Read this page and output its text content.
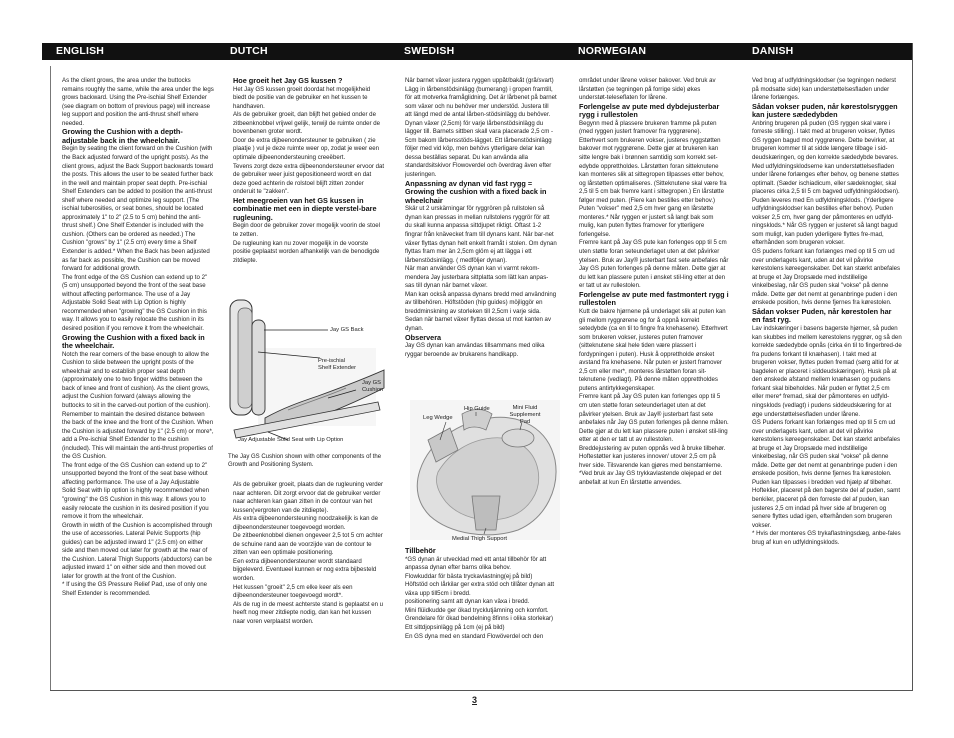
ENGLISH	DUTCH	SWEDISH	NORWEGIAN	DANISH

As the client grows, the area under the buttocks remains roughly the same, while the area under the legs grows backward. Using the Pre-ischial Shelf Extender (see diagram on bottom of previous page) will increase leg support and position the anti-thrust shelf where needed.

Growing the Cushion with a depth-adjustable back in the wheelchair.

Begin by seating the client forward on the Cushion (with the Back adjusted forward of the upright posts). As the client grows, adjust the Back Support backwards toward the posts. This allows the user to be seated further back in the well and maintain proper seat depth. Pre-ischial Shelf Extenders can be added to position the anti-thrust shelf where needed and optimize leg support. (The ischial tuberosities, or seat bones, should be located approximately 1" to 2" (2.5 to 5 cm) behind the anti-thrust shelf.) One Shelf Extender is included with the cushion. (Others can be ordered as needed.) The Cushion "grows" by 1" (2.5 cm) every time a Shelf Extender is added.* When the Back has been adjusted as far back as possible, the Cushion can be moved forward for additional growth.

The front edge of the GS Cushion can extend up to 2" (5 cm) unsupported beyond the front of the seat base without affecting performance. The use of a Jay Adjustable Solid Seat with Lip Option is highly recommended when "growing" the GS Cushion in this way. It allows you to easily relocate the cushion in its desired position if you remove it from the wheelchair.

Growing the Cushion with a fixed back in the wheelchair.

Notch the rear corners of the base enough to allow the Cushion to slide between the upright posts of the wheelchair and to establish proper seat depth (approximately one to two finger widths between the back of knee and front of cushion). As the client grows, adjust the Cushion forward (always allowing the buttocks to sit in the carved-out portion of the cushion). Remember to maintain the desired distance between the back of the knee and the front of the Cushion. When the Cushion is adjusted forward by 1" (2.5 cm) or more*, add a Pre-ischial Shelf Extender to the cushion (included). This will maintain the anti-thrust properties of the GS Cushion.

The front edge of the GS Cushion can extend up to 2" unsupported beyond the front of the seat base without affecting performance. The use of a Jay Adjustable Solid Seat with lip option is highly recommended when "growing" the GS Cushion in this way. It allows you to easily relocate the cushion in its desired position if you remove it from the wheelchair.

Growth in width of the Cushion is accomplished through the use of accessories. Lateral Pelvic Supports (hip guides) can be adjusted inward 1" (2.5 cm) on either side and then moved out later for growth at the rear of the Cushion. Lateral Thigh Supports (abductors) can be adjusted inward 1" on either side and then moved out later for growth at the front of the Cushion.

* If using the GS Pressure Relief Pad, use of only one Shelf Extender is recommended.

Hoe groeit het Jay GS kussen ?

Het Jay GS kussen groeit doordat het mogelijkheid biedt de positie van de gebruiker en het kussen te handhaven.

Als de gebruiker groeit, dan blijft het gebied onder de zitbeenknobbel vrijwel gelijk, terwijl de ruimte onder de bovenbenen groter wordt.

Door de extra dijbeenondersteuner te gebruiken ( zie plaatje ) vul je deze ruimte weer op, zodat je weer een optimale dijbeenondersteuning creeëbert.

Tevens zorgt deze extra dijbeenondersteuner ervoor dat de gebruiker weer juist gepositioneerd wordt en dat deze goed achterin de rolstoel blijft zitten zonder onderuit te "zakken".

Het meegroeien van het GS kussen in combinatie met een in diepte verstel-bare rugleuning.

Begin door de gebruiker zover mogelijk voorin de stoel te zetten.

De rugleuning kan nu zover mogelijk in de voorste positie geplaatst worden afhankelijk van de benodigde zitdiepte.

Jay GS Back
Pre-ischial Shelf Extender
Jay GS Cushion
Jay Adjustable Solid Seat with Lip Option
The Jay GS Cushion shown with other components of the Growth and Positioning System.

Als de gebruiker groeit, plaats dan de rugleuning verder naar achteren. Dit zorgt ervoor dat de gebruiker verder naar achteren kan gaan zitten in de contour van het kussen(vergroten van de zitdiepte).

Als extra dijbeenondersteuning noodzakelijk is kan de dijbeenondersteuner toegevoegd worden.

De zitbeenknobbel dienen ongeveer 2,5 tot 5 cm achter de schuine rand aan de voorzijde van de contour te zitten van een optimale positionering.

Een extra dijbeenondersteuner wordt standaard bijgeleverd. Eventueel kunnen er nog extra bijbesteld worden.

Het kussen "groeit" 2,5 cm elke keer als een dijbeenondersteuner toegevoegd wordt*.

Als de rug in de meest achterste stand is geplaatst en u heeft nog meer zitdiepte nodig, dan kan het kussen naar voren verplaatst worden.

När barnet växer justera ryggen uppåt/bakåt (grå/svart) Lägg in lårbenstödsinlägg (bumerang) i gropen framtill, för att motverka framåglidning. Det är lårbenet på barnet som växer och nu behöver mer understöd. Justera till att längd med de antal lårben-stödsinlägg du behöver. Dynan växer (2,5cm) för varje lårbenstödsinlägg du lägger till. Barnets sittben skall vara placerade 2,5 cm - 5cm bakom lårbensstöds-lägget. Ett lårbenstödsinlägg följer med vid köp, men behövs ytterligare delar kan dessa beställas separat. Du kan använda alla standardsitskivor Flowoverdel och överdrag även efter justeringen.

Anpassning av dynan vid fast rygg = Growing the cushion with a fixed back in wheelchair

Skär ut 2 urskärningar för ryggrören på rullstolen så dynan kan pressas in mellan rullstolens ryggrör för att du skall kunna anpassa sittdjupet riktigt. Oftast 1-2 fingrar från knävecket fram till dynans kant. När bar-net växer flyttas dynan helt enkelt framåt i stolen. Om dynan flyttas fram mer än 2,5cm glöm ej att lägga i ett lårbenstödsinlägg. ( medföljer dynan).

När man använder GS dynan kan vi varmt rekom-mendera Jay justerbara sittplatta som lätt kan anpas-sas till dynan när barnet växer.

Man kan också anpassa dynans bredd med användning av tillbehören. Höftstöden (hip guides) möjliggör en breddminskning av storleken till 2,5cm i varje sida. Sedan när barnet växer flyttas dessa ut mot kanten av dynan.

Observera

Jay GS dynan kan användas tillsammans med olika ryggar beroende av brukarens handikapp.

Hip Guide
Leg Wedge
Mini Fluid Supplement Pad
Medial Thigh Support
Tillbehör

*GS dynan är utvecklad med ett antal tillbehör för att anpassa dynan efter barns olika behov.

Flowkuddar för bästa tryckavlastning(ej på bild)

Höftstöd och lårkilar ger extra stöd och tillåter dynan att växa upp till5cm i bredd.

positionering samt att dynan kan växa i bredd.

Mini flüidkudde ger ökad trycklutjämning och komfort.

Grendelare för ökad bendelning 8finns i olika storlekar)

Ett sittdjopsinlägg på 1cm (ej på bild)

En GS dyna med en standard Flowöverdel och den

området under lårene vokser bakover. Ved bruk av lårstøtten (se tegningen på forrige side) økes understøt-teleseflaten for lårene.

Forlengelse av pute med dybdejusterbar rygg i rullestolen

Begynn med å plassere brukeren framme på puten (med ryggen justert framover fra ryggrørene). Etterhvert som brukeren vokser, justeres ryggstøtten bakover mot ryggrørene. Dette gjør at brukeren kan sitte lengre bak i brønnen samtidig som korrekt set-edybde opprettholdes. Lårstøtten foran sitteknutene kan monteres slik at sittegropen tilpasses etter behov, og lårstøtten optimaliseres. (Sitteknutene skal være fra 2,5 til 5 cm bak fremre kant i sittegropen.) En lårstøtte følger med puten. (Flere kan bestilles etter behov.) Puten "vokser" med 2,5 cm hver gang en lårstøtte monteres.* Når ryggen er justert så langt bak som mulig, kan puten flyttes framover for ytterligere forlengelse.

Fremre kant på Jay GS pute kan forlenges opp til 5 cm uten støtte foran seteunderlaget uten at det påvirker ytelsen. Bruk av Jay® justerbart fast sete anbefales når Jay GS puten forlenges på denne måten. Dette gjør at du lett kan plassere puten i ønsket stil-ling etter at den er tatt ut av rullestolen.

Forlengelse av pute med fastmontert rygg i rullestolen

Kutt de bakre hjørnene på underlaget slik at puten kan gli mellom ryggrørene og for å oppnå korrekt setedybde (ca en til to fingre fra knehasene). Etterhvert som brukeren vokser, justeres puten framover (sitteknutene skal hele tiden være plassert i fordypningen i puten). Husk å opprettholde ønsket avstand fra knehasene. Når puten er justert framover 2,5 cm eller mer*, monteres lårstøtten foran sit-teknutene (vedlagt). På denne måten opprettholdes putens antirtykkegenskaper.

Fremre kant på Jay GS puten kan forlenges opp til 5 cm uten støtte foran seteunderlaget uten at det påvirker ytelsen. Bruk av Jay® justerbart fast sete anbefales når Jay GS puten forlenges på denne måten. Dette gjør at du lett kan plassere puten i ønsket stil-ling etter at den er tatt ut av rullestolen.

Breddejustering av puten oppnås ved å bruke tilbehør. Hoftestøtter kan justeres innover/ utover 2,5 cm på hver side. Tilsvarende kan gjøres med benstamlerne.

*Ved bruk av Jay GS trykkavlastende olejepad er det anbefalt at kun En lårstøtte anvendes.

Ved brug af udfyldningsklodser (se tegningen nederst på modsatte side) kan understøttelsesfladen under lårene forlænges.

Sådan vokser puden, når kørestolsryggen kan justere sædedybden

Anbring brugeren på puden (GS ryggen skal være i forreste stilling). I takt med at brugeren vokser, flyttes GS ryggen bagud mod ryggrørene. Dette bevirker, at brugeren kommer til at sidde længere tilbage i sid-deudskæringen, og den korrekte sædedybde bevares. Med udfyldningsklodserne kan understøttelsesfladen under lårene forlænges efter behov, og benene støttes optimalt. (Sæder ischiadicum, eller sædeknogler, skal placeres cirka 2,5 til 5 cm bagved udfyldningsklodsen). Puden leveres med En udfyldningsklods. (Yderligere udfyldningsklodser kan bestilles efter behov). Puden vokser 2,5 cm, hver gang der påmonteres en udfyld-ningsklods.* Når GS ryggen er justeret så langt bagud som muligt, kan puden yderligere flyttes fre-mad, efterhånden som brugeren vokser.

GS pudens forkant kan forlænges med op til 5 cm ud over underlagets kant, uden at det vil påvirke kørestolens køreegenskaber. Det kan stærkt anbefales at bruge et Jay Dropsæde med indstillelige vinkelbeslag, når GS puden skal "vokse" på denne måde. Dette gør det nemt at genanbringe puden i den ønskede position, hvis denne fjernes fra kørestolen.

Sådan vokser Puden, når kørestolen har en fast ryg.

Lav indskæringer i basens bagerste hjørner, så puden kan skubbes ind mellem kørestolens ryggrør, og så den korrekte sædedybde opnås (cirka én til to fingerbred-de fra pudens forkant til knæhasen). I takt med at brugeren vokser, flyttes puden fremad (sørg altid for at bagdelen er placeret i siddeudskæringen). Husk på at den ønskede afstand mellem knæhasen og pudens forkant skal bibeholdes. Når puden er flyttet 2,5 cm eller mere* fremad, skal der påmonteres en udfyld-ningsklods (vedlagt) i pudens siddeudskæring for at øge understøttelsesfladen under lårene.

GS Pudens forkant kan forlænges med op til 5 cm ud over underlagets kant, uden at det vil påvirke kørestolens køreegenskaber. Det kan stærkt anbefales at bruge et Jay Dropsæde med indstillelige vinkelbeslag, når GS puden skal "vokse" på denne måde. Dette gør det nemt at genanbringe puden i den ønskede position, hvis denne fjernes fra kørestolen. Puden kan tilpasses i bredden ved hjælp af tilbehør. Hofteklier, placeret på den bagerste del af puden, samt benkiler, placeret på den forreste del af puden, kan justeres 2,5 cm indad på hver side af brugeren og senere flyttes udad igen, efterhånden som brugeren vokser.

* Hvis der monteres GS trykaflastningsdæg, anbe-fales brug af kun en udfyldningsklods.

3
